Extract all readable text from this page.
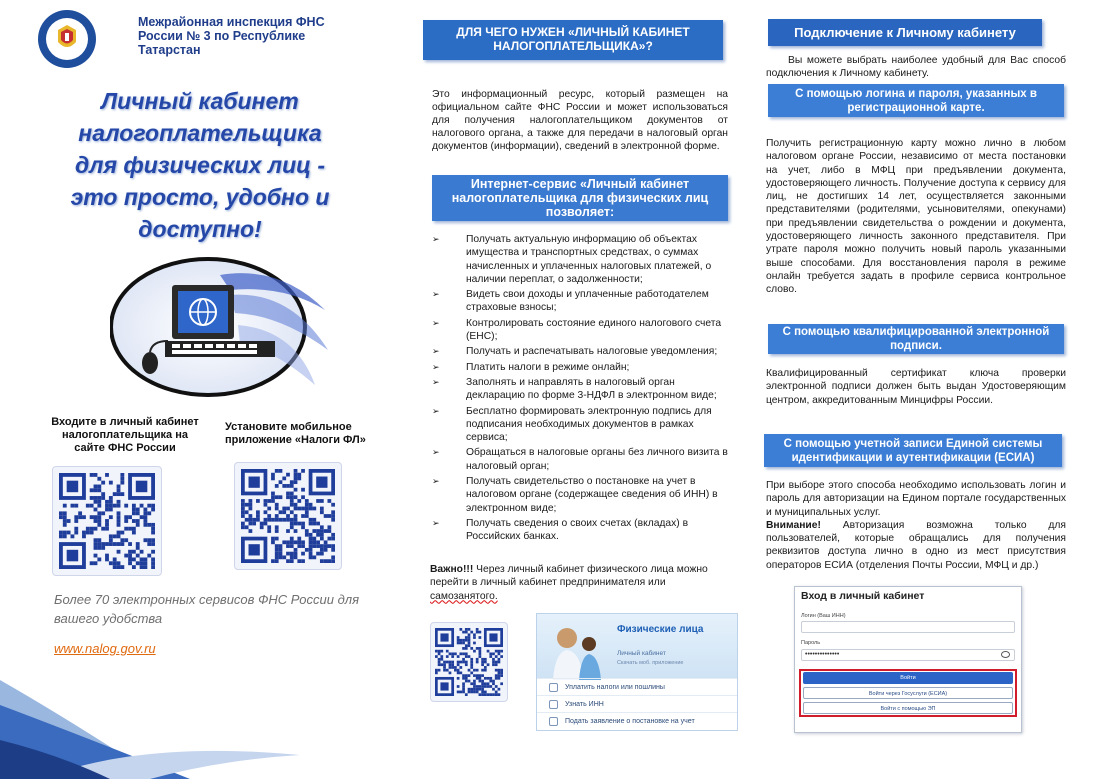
Межрайонная инспекция ФНС России № 3 по Республике Татарстан
Личный кабинет налогоплательщика для физических лиц - это просто, удобно и доступно!
Входите в личный кабинет налогоплательщика на сайте ФНС России
Установите мобильное приложение «Налоги ФЛ»
Более 70 электронных сервисов ФНС России для вашего удобства
www.nalog.gov.ru
ДЛЯ ЧЕГО НУЖЕН «ЛИЧНЫЙ КАБИНЕТ НАЛОГОПЛАТЕЛЬЩИКА»?
Это информационный ресурс, который размещен на официальном сайте ФНС России и может использоваться для получения налогоплательщиком документов от налогового органа, а также для передачи в налоговый орган документов (информации), сведений в электронной форме.
Интернет-сервис «Личный кабинет налогоплательщика для физических лиц позволяет:
➢	Получать актуальную информацию об объектах имущества и транспортных средствах, о суммах начисленных и уплаченных налоговых платежей, о наличии переплат, о задолженности;
➢	Видеть свои доходы и уплаченные работодателем страховые взносы;
➢	Контролировать состояние единого налогового счета (ЕНС);
➢	Получать и распечатывать налоговые уведомления;
➢	Платить налоги в режиме онлайн;
➢	Заполнять и направлять в налоговый орган декларацию по форме 3-НДФЛ в электронном виде;
➢	Бесплатно формировать электронную подпись для подписания необходимых документов в рамках сервиса;
➢	Обращаться в налоговые органы без личного визита в налоговый орган;
➢	Получать свидетельство о постановке на учет в налоговом органе (содержащее сведения об ИНН) в электронном виде;
➢	Получать сведения о своих счетах (вкладах) в Российских банках.
Важно!!! Через личный кабинет физического лица можно перейти в личный кабинет предпринимателя или самозанятого.
Физические лица
Личный кабинет
Скачать моб. приложение
Уплатить налоги или пошлины
Узнать ИНН
Подать заявление о постановке на учет
Подключение к Личному кабинету
Вы можете выбрать наиболее удобный для Вас способ подключения к Личному кабинету.
С помощью логина и пароля, указанных в регистрационной карте.
Получить регистрационную карту можно лично в любом налоговом органе России, независимо от места постановки на учет, либо в МФЦ при предъявлении документа, удостоверяющего личность. Получение доступа к сервису для лиц, не достигших 14 лет, осуществляется законными представителями (родителями, усыновителями, опекунами) при предъявлении свидетельства о рождении и документа, удостоверяющего личность законного представителя. При утрате пароля можно получить новый пароль указанными выше способами. Для восстановления пароля в режиме онлайн требуется задать в профиле сервиса контрольное слово.
С помощью квалифицированной электронной подписи.
Квалифицированный сертификат ключа проверки электронной подписи должен быть выдан Удостоверяющим центром, аккредитованным Минцифры России.
С помощью учетной записи Единой системы идентификации и аутентификации (ЕСИА)
При выборе этого способа необходимо использовать логин и пароль для авторизации на Едином портале государственных и муниципальных услуг.
Внимание! Авторизация возможна только для пользователей, которые обращались для получения реквизитов доступа лично в одно из мест присутствия операторов ЕСИА (отделения Почты России, МФЦ и др.)
Вход в личный кабинет
Логин (Ваш ИНН)
Пароль
••••••••••••••
Войти
Войти через Госуслуги (ЕСИА)
Войти с помощью ЭП
